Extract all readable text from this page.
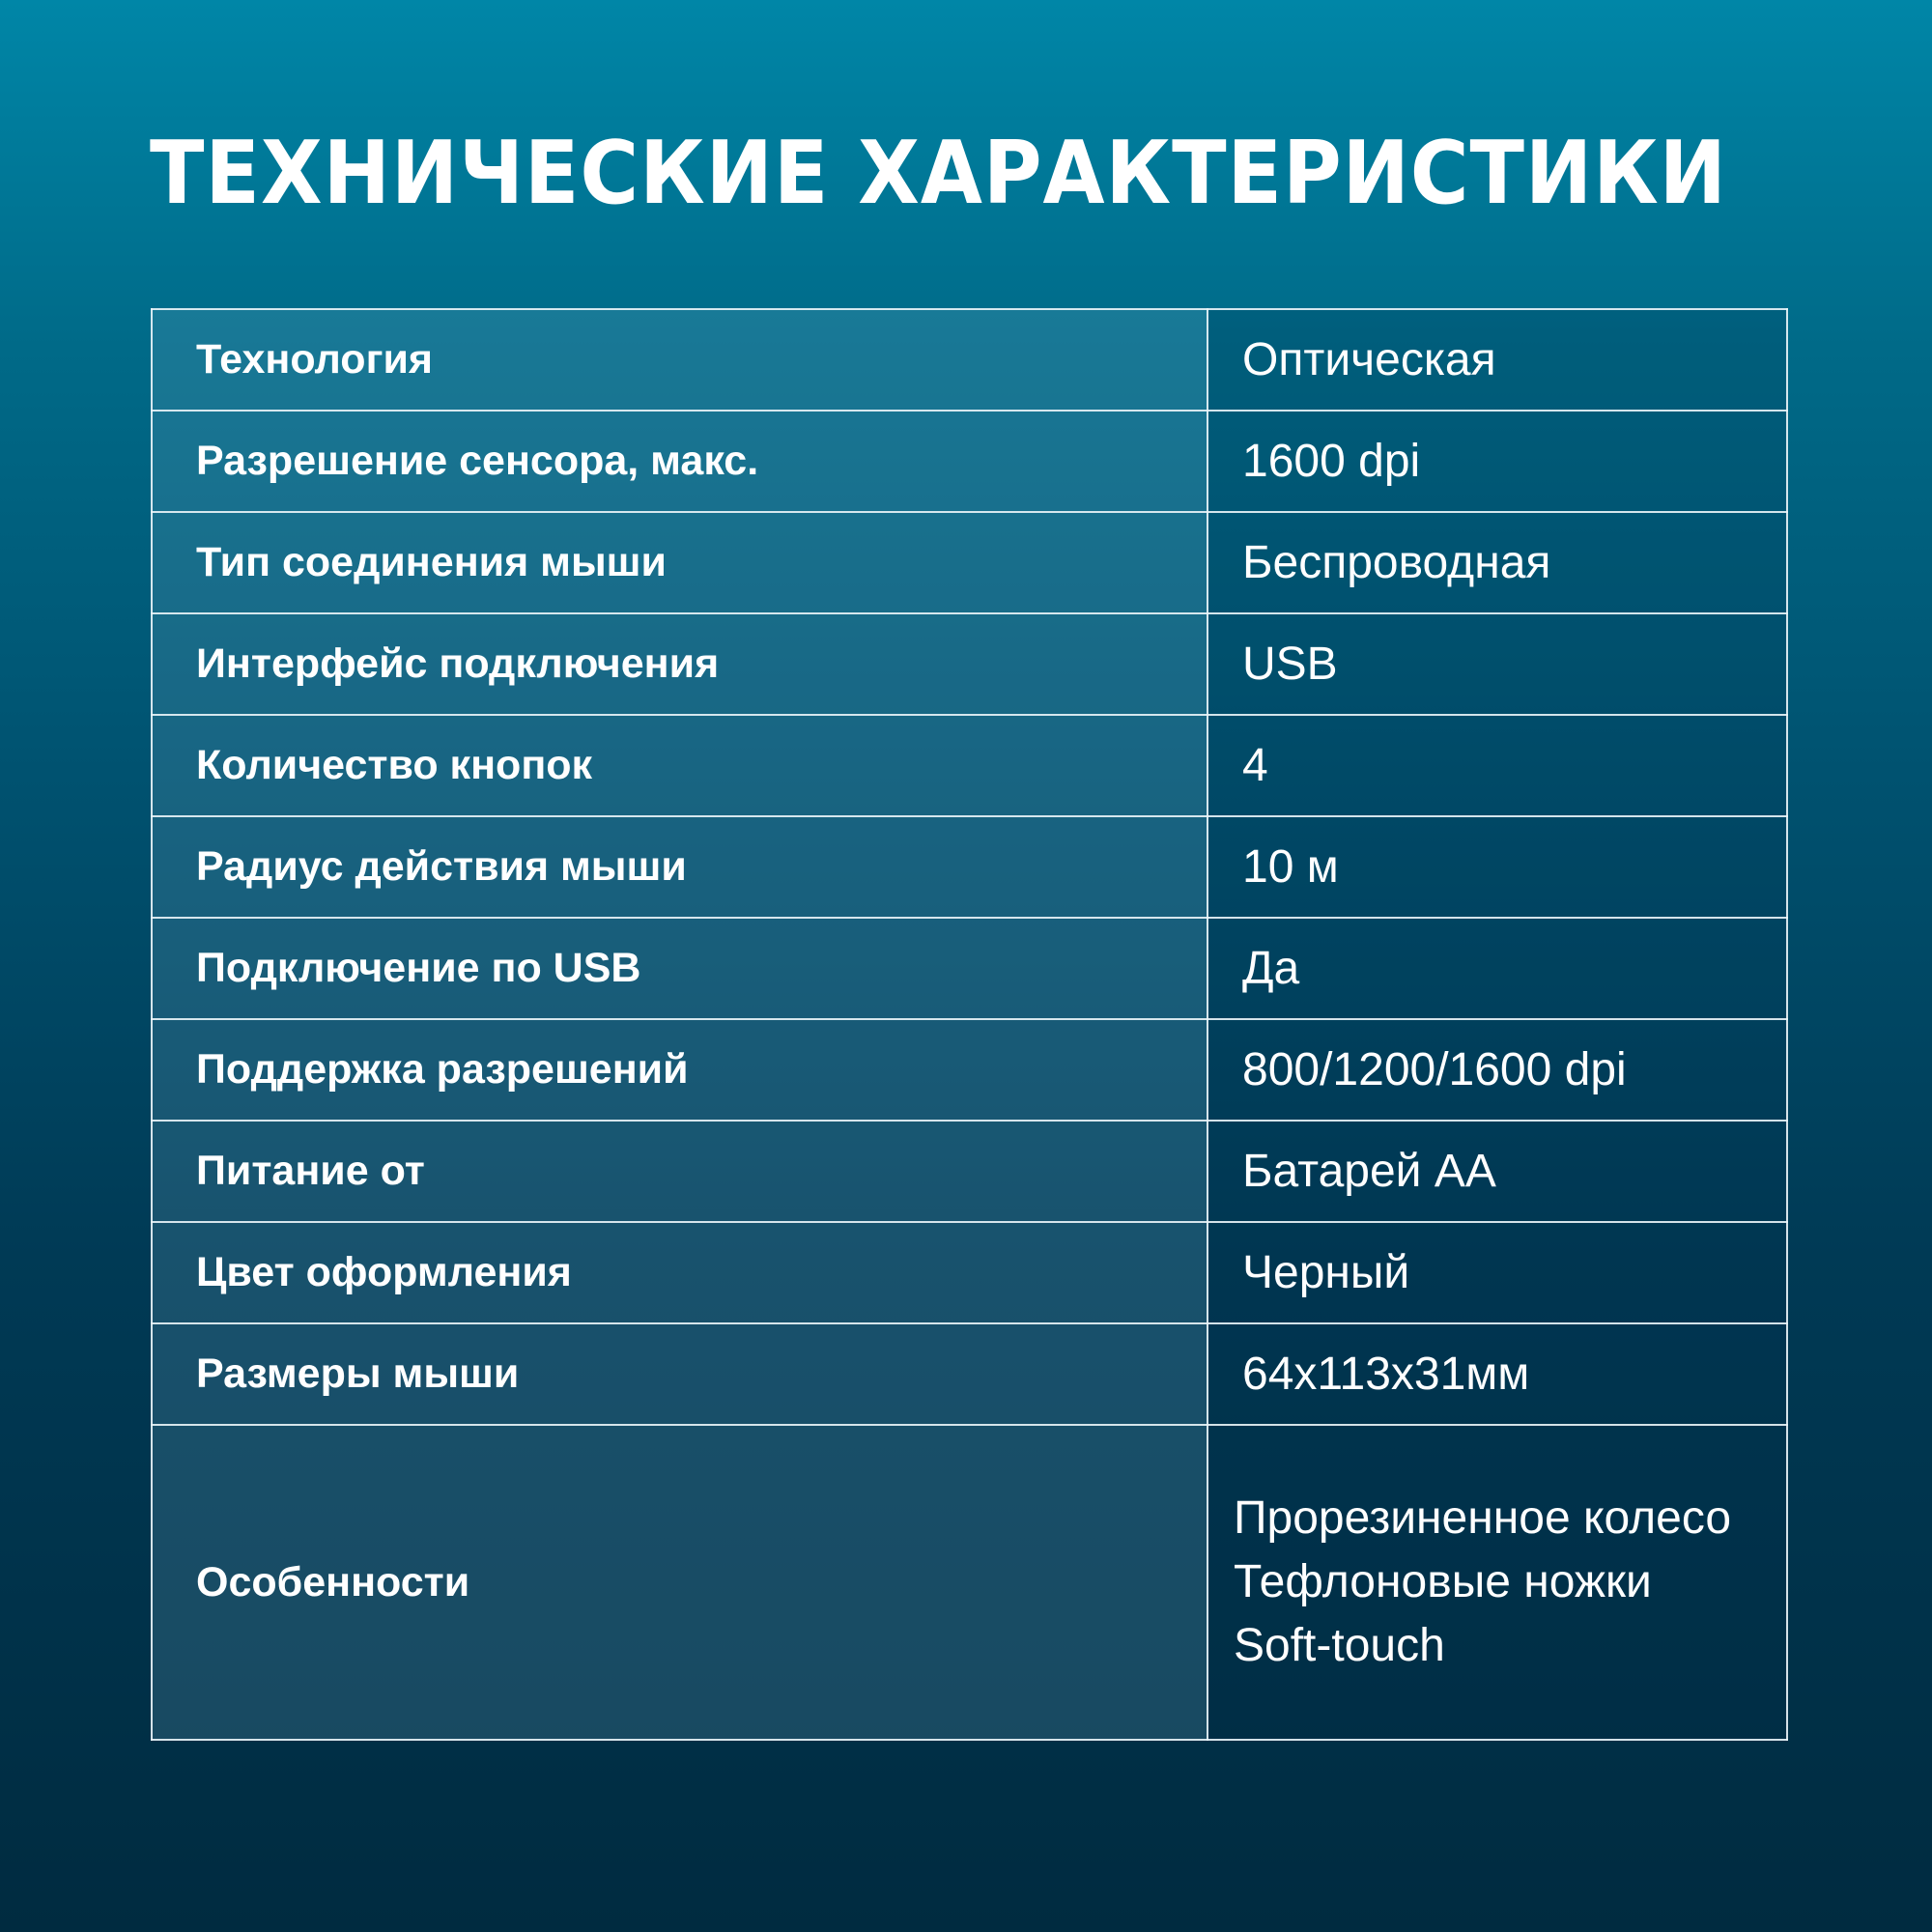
ТЕХНИЧЕСКИЕ ХАРАКТЕРИСТИКИ
Технология	Оптическая
Разрешение сенсора, макс.	1600 dpi
Тип соединения мыши	Беспроводная
Интерфейс подключения	USB
Количество кнопок	4
Радиус действия мыши	10 м
Подключение по USB	Да
Поддержка разрешений	800/1200/1600 dpi
Питание от	Батарей АА
Цвет оформления	Черный
Размеры мыши	64x113x31мм
Особенности	Прорезиненное колесо
Тефлоновые ножки
Soft-touch
